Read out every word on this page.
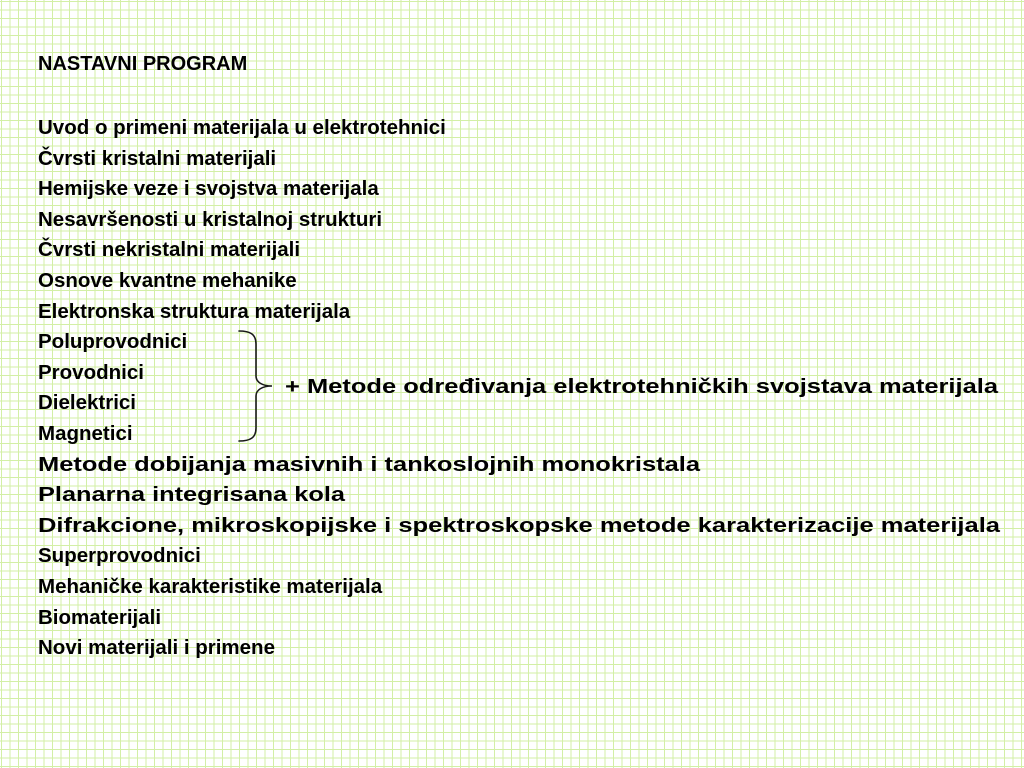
NASTAVNI PROGRAM
Uvod o primeni materijala u elektrotehnici
Čvrsti kristalni materijali
Hemijske veze i svojstva materijala
Nesavršenosti u kristalnoj strukturi
Čvrsti nekristalni materijali
Osnove kvantne mehanike
Elektronska struktura materijala
Poluprovodnici
Provodnici
Dielektrici
Magnetici
Metode dobijanja masivnih i tankoslojnih monokristala
Planarna integrisana kola
Difrakcione, mikroskopijske i spektroskopske metode karakterizacije materijala
Superprovodnici
Mehaničke karakteristike materijala
Biomaterijali
Novi materijali i primene
+ Metode određivanja elektrotehničkih svojstava materijala
